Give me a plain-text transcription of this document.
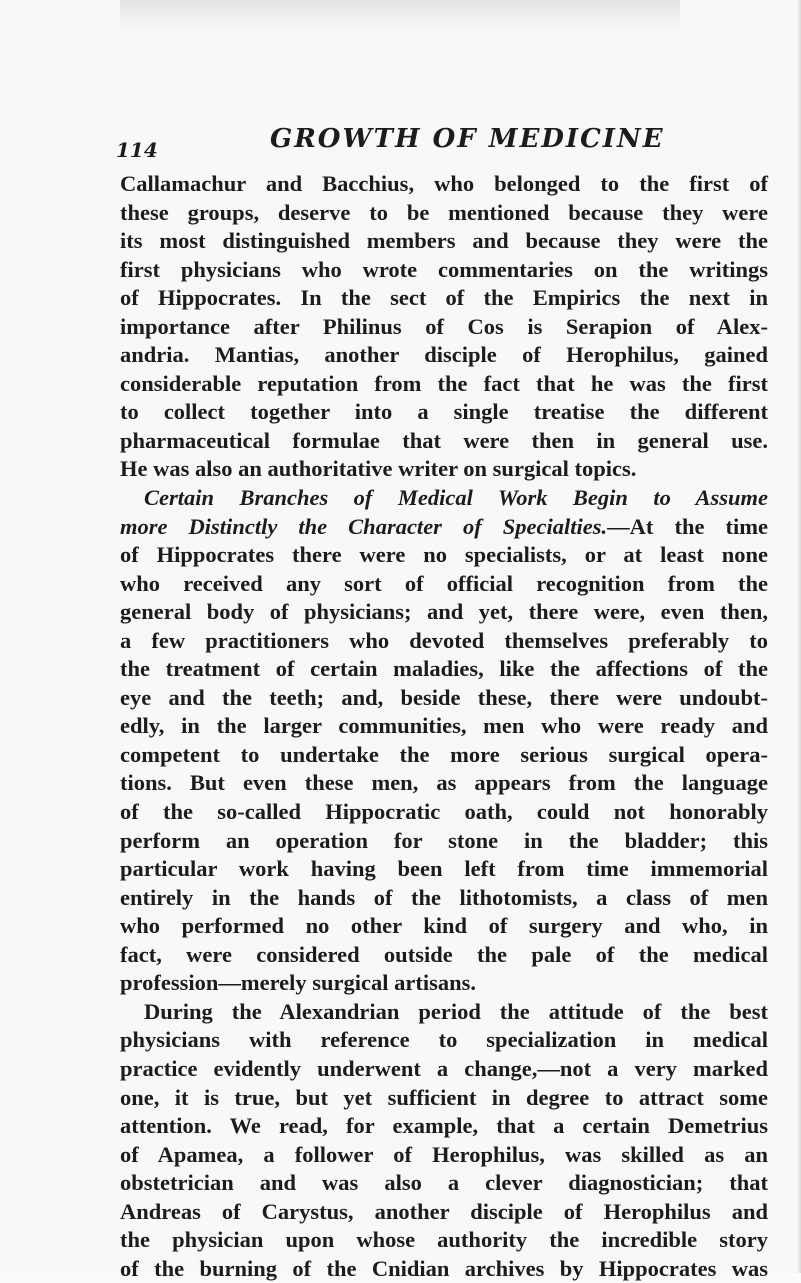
114	GROWTH OF MEDICINE
Callamachur and Bacchius, who belonged to the first of
these groups, deserve to be mentioned because they were
its most distinguished members and because they were the
first physicians who wrote commentaries on the writings
of Hippocrates. In the sect of the Empirics the next in
importance after Philinus of Cos is Serapion of Alex-
andria. Mantias, another disciple of Herophilus, gained
considerable reputation from the fact that he was the first
to collect together into a single treatise the different
pharmaceutical formulae that were then in general use.
He was also an authoritative writer on surgical topics.
Certain Branches of Medical Work Begin to Assume
more Distinctly the Character of Specialties.—At the time
of Hippocrates there were no specialists, or at least none
who received any sort of official recognition from the
general body of physicians; and yet, there were, even then,
a few practitioners who devoted themselves preferably to
the treatment of certain maladies, like the affections of the
eye and the teeth; and, beside these, there were undoubt-
edly, in the larger communities, men who were ready and
competent to undertake the more serious surgical opera-
tions. But even these men, as appears from the language
of the so-called Hippocratic oath, could not honorably
perform an operation for stone in the bladder; this
particular work having been left from time immemorial
entirely in the hands of the lithotomists, a class of men
who performed no other kind of surgery and who, in
fact, were considered outside the pale of the medical
profession—merely surgical artisans.
During the Alexandrian period the attitude of the best
physicians with reference to specialization in medical
practice evidently underwent a change,—not a very marked
one, it is true, but yet sufficient in degree to attract some
attention. We read, for example, that a certain Demetrius
of Apamea, a follower of Herophilus, was skilled as an
obstetrician and was also a clever diagnostician; that
Andreas of Carystus, another disciple of Herophilus and
the physician upon whose authority the incredible story
of the burning of the Cnidian archives by Hippocrates was
